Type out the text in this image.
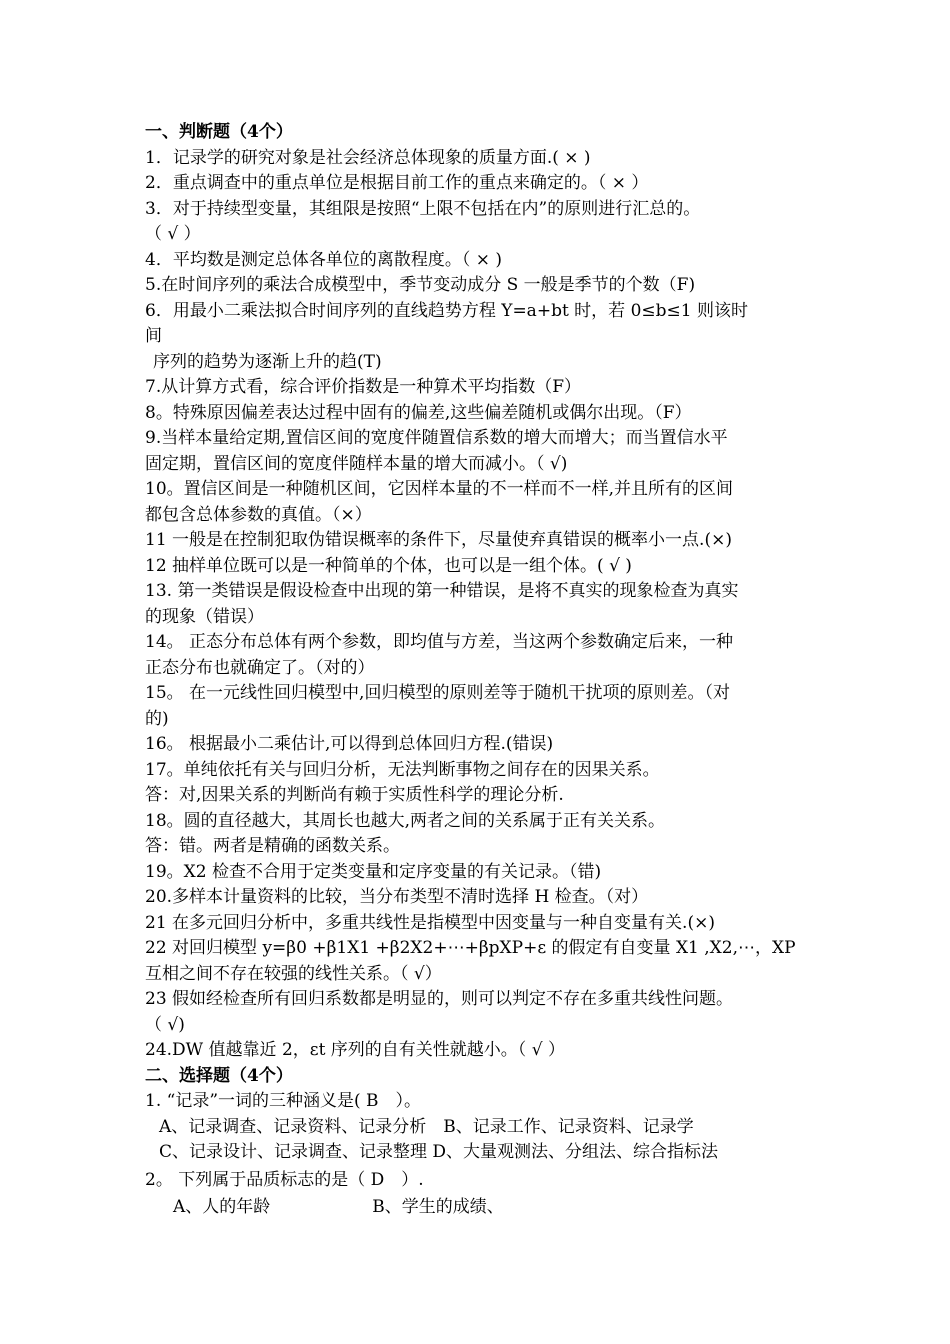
一、判断题（4个）
1．记录学的研究对象是社会经济总体现象的质量方面.( × )
2．重点调查中的重点单位是根据目前工作的重点来确定的。（ × ）
3．对于持续型变量，其组限是按照“上限不包括在内”的原则进行汇总的。
（ √ ）
4．平均数是测定总体各单位的离散程度。（ × )
5.在时间序列的乘法合成模型中，季节变动成分 S 一般是季节的个数（F)
6．用最小二乘法拟合时间序列的直线趋势方程 Y=a+bt 时，若 0≤b≤1 则该时
间
序列的趋势为逐渐上升的趋(T)
7.从计算方式看，综合评价指数是一种算术平均指数（F）
8。特殊原因偏差表达过程中固有的偏差,这些偏差随机或偶尔出现。（F）
9.当样本量给定期,置信区间的宽度伴随置信系数的增大而增大；而当置信水平
固定期，置信区间的宽度伴随样本量的增大而减小。（ √)
10。置信区间是一种随机区间，它因样本量的不一样而不一样,并且所有的区间
都包含总体参数的真值。（×）
11 一般是在控制犯取伪错误概率的条件下，尽量使弃真错误的概率小一点.(×)
12 抽样单位既可以是一种简单的个体，也可以是一组个体。( √ )
13. 第一类错误是假设检查中出现的第一种错误，是将不真实的现象检查为真实
的现象（错误）
14。 正态分布总体有两个参数，即均值与方差，当这两个参数确定后来，一种
正态分布也就确定了。（对的）
15。 在一元线性回归模型中,回归模型的原则差等于随机干扰项的原则差。（对
的)
16。 根据最小二乘估计,可以得到总体回归方程.(错误)
17。单纯依托有关与回归分析，无法判断事物之间存在的因果关系。
答：对,因果关系的判断尚有赖于实质性科学的理论分析.
18。圆的直径越大，其周长也越大,两者之间的关系属于正有关关系。
答：错。两者是精确的函数关系。
19。X2 检查不合用于定类变量和定序变量的有关记录。（错)
20.多样本计量资料的比较，当分布类型不清时选择 H 检查。（对）
21 在多元回归分析中，多重共线性是指模型中因变量与一种自变量有关.(×)
22 对回归模型 y=β0 +β1X1 +β2X2+⋯+βpXP+ε 的假定有自变量 X1 ,X2,⋯，XP
互相之间不存在较强的线性关系。（ √）
23 假如经检查所有回归系数都是明显的，则可以判定不存在多重共线性问题。
（ √)
24.DW 值越靠近 2，εt 序列的自有关性就越小。（ √ ）
二、选择题（4个）
1. “记录”一词的三种涵义是( B　）。
A、记录调查、记录资料、记录分析　B、记录工作、记录资料、记录学
C、记录设计、记录调查、记录整理 D、大量观测法、分组法、综合指标法
2。 下列属于品质标志的是（ D　）.
A、人的年龄　　　　　　B、学生的成绩、
